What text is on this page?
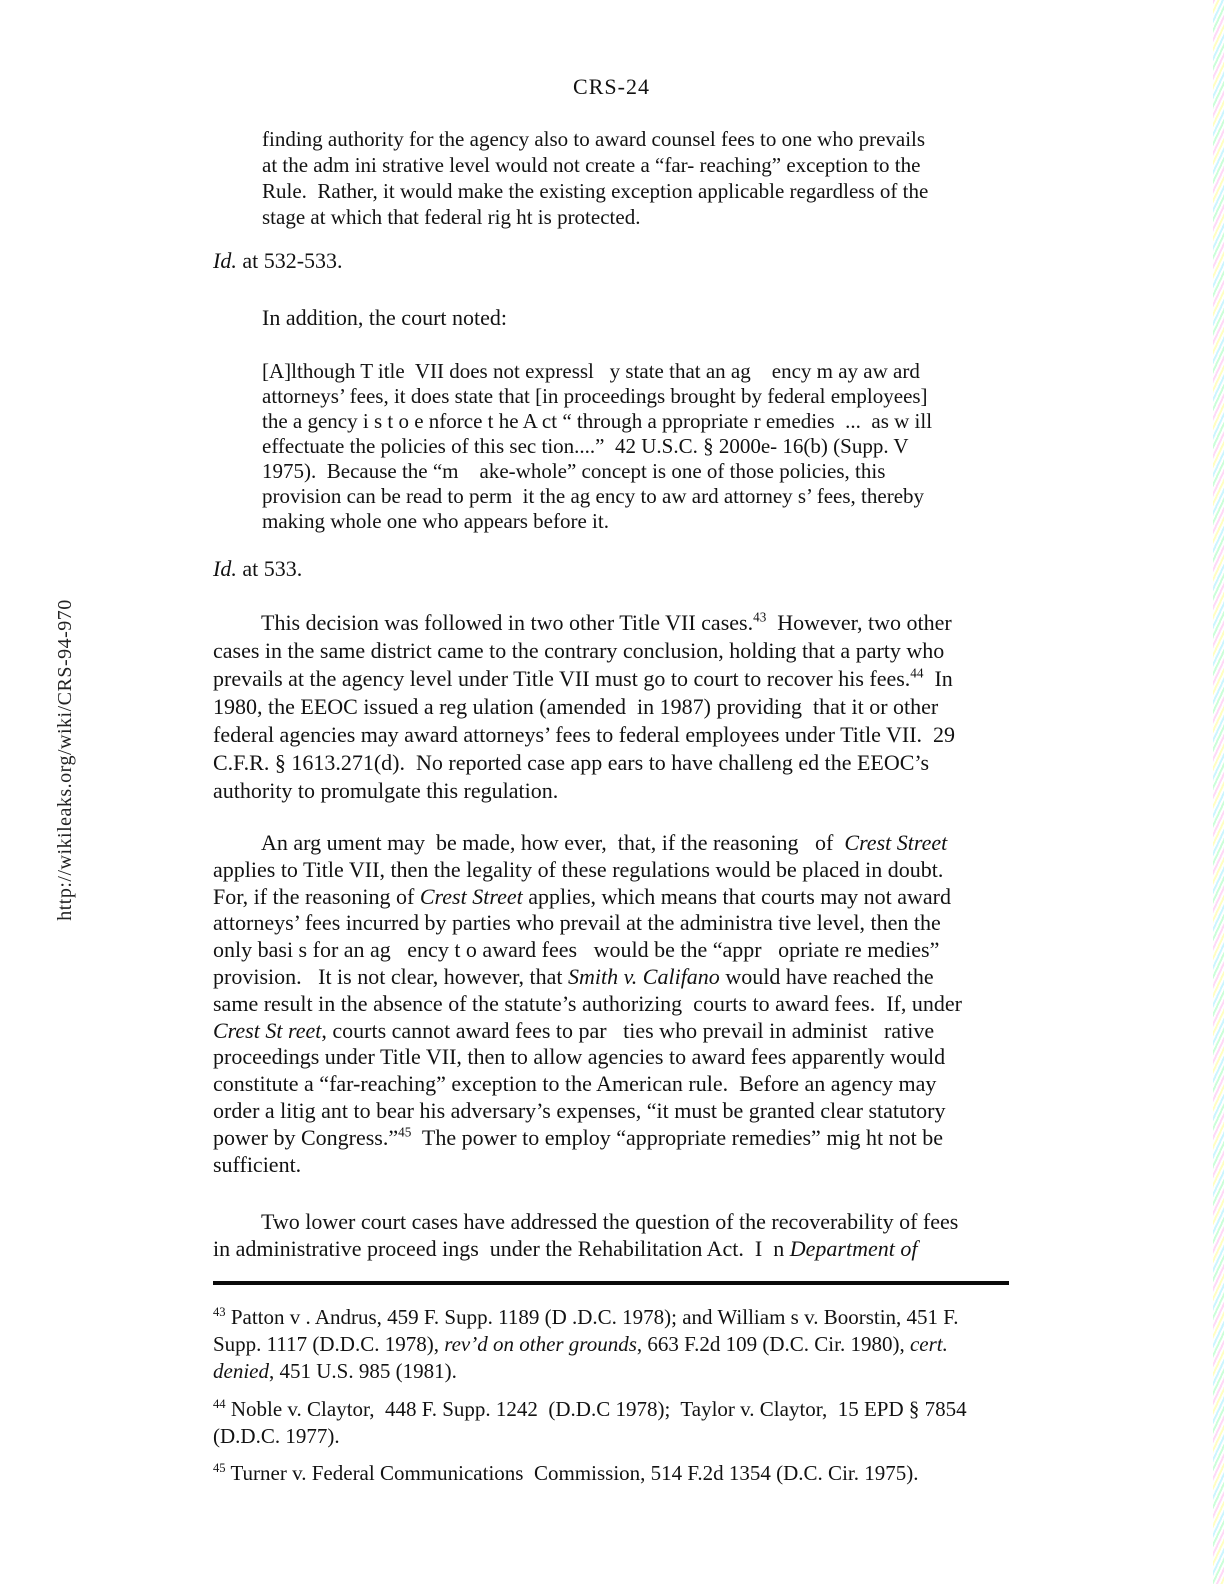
CRS-24
http://wikileaks.org/wiki/CRS-94-970
finding authority for the agency also to award counsel fees to one who prevails
at the adm ini strative level would not create a “far- reaching” exception to the
Rule.  Rather, it would make the existing exception applicable regardless of the
stage at which that federal rig ht is protected.
Id. at 532-533.
In addition, the court noted:
[A]lthough T itle  VII does not expressl   y state that an ag    ency m ay aw ard
attorneys’ fees, it does state that [in proceedings brought by federal employees]
the a gency i s t o e nforce t he A ct “ through a ppropriate r emedies  ...  as w ill
effectuate the policies of this sec tion....”  42 U.S.C. § 2000e- 16(b) (Supp. V
1975).  Because the “m    ake-whole” concept is one of those policies, this
provision can be read to perm  it the ag ency to aw ard attorney s’ fees, thereby
making whole one who appears before it.
Id. at 533.
This decision was followed in two other Title VII cases.$^{43}$  However, two other
cases in the same district came to the contrary conclusion, holding that a party who
prevails at the agency level under Title VII must go to court to recover his fees.$^{44}$  In
1980, the EEOC issued a reg ulation (amended  in 1987) providing  that it or other
federal agencies may award attorneys’ fees to federal employees under Title VII.  29
C.F.R. § 1613.271(d).  No reported case app ears to have challeng ed the EEOC’s
authority to promulgate this regulation.
An arg ument may  be made, how ever,  that, if the reasoning   of  Crest Street
applies to Title VII, then the legality of these regulations would be placed in doubt.
For, if the reasoning of Crest Street applies, which means that courts may not award
attorneys’ fees incurred by parties who prevail at the administra tive level, then the
only basi s for an ag   ency t o award fees   would be the “appr   opriate re medies”
provision.   It is not clear, however, that Smith v. Califano would have reached the
same result in the absence of the statute’s authorizing  courts to award fees.  If, under
Crest St reet, courts cannot award fees to par   ties who prevail in administ   rative
proceedings under Title VII, then to allow agencies to award fees apparently would
constitute a “far-reaching” exception to the American rule.  Before an agency may
order a litig ant to bear his adversary’s expenses, “it must be granted clear statutory
power by Congress.”$^{45}$  The power to employ “appropriate remedies” mig ht not be
sufficient.
Two lower court cases have addressed the question of the recoverability of fees
in administrative proceed ings  under the Rehabilitation Act.  I  n Department of
$^{43}$ Patton v . Andrus, 459 F. Supp. 1189 (D .D.C. 1978); and William s v. Boorstin, 451 F.
Supp. 1117 (D.D.C. 1978), rev’d on other grounds, 663 F.2d 109 (D.C. Cir. 1980), cert.
denied, 451 U.S. 985 (1981).
$^{44}$ Noble v. Claytor,  448 F. Supp. 1242  (D.D.C 1978);  Taylor v. Claytor,  15 EPD § 7854
(D.D.C. 1977).
$^{45}$ Turner v. Federal Communications  Commission, 514 F.2d 1354 (D.C. Cir. 1975).
